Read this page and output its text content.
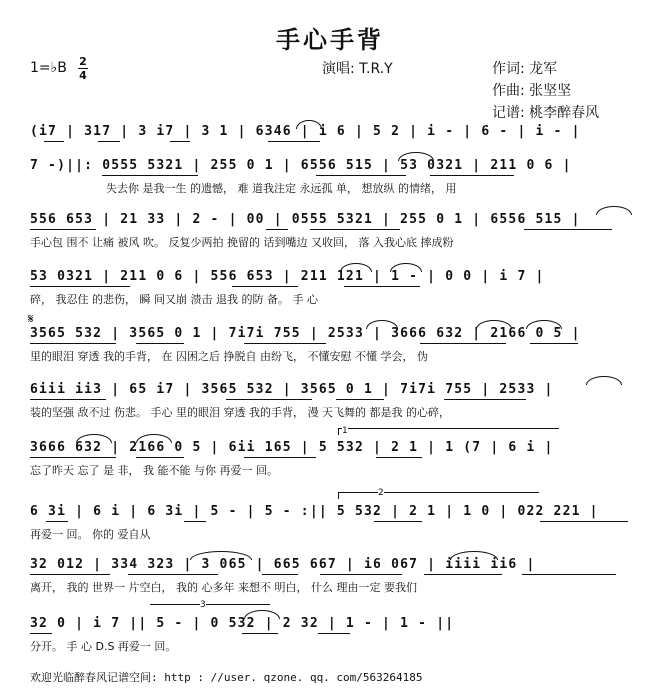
手心手背
1=♭B 2
4	演唱: T.R.Y	作词: 龙军
作曲: 张坚坚
记谱: 桃李醉春风
(i7 | 317 | 3 i7 | 3 1 | 6346 | i 6 | 5 2 | i - | 6 - | i - |
7 -)||: 0555 5321 | 255 0 1 | 6556 515 | 53 0321 | 211 0 6 |
失去你 是我一生 的遗憾， 难 道我注定 永远孤 单， 想放纵 的情绪， 用
556 653 | 21 33 | 2 - | 00 | 0555 5321 | 255 0 1 | 6556 515 |
手心包 围不 让痛 被风 吹。 反复少两拍 挽留的 话到嘴边 又收回， 落 入我心底 摔成粉
53 0321 | 211 0 6 | 556 653 | 211 121 | 1 - | 0 0 | i 7 |
碎， 我忍住 的悲伤， 瞬 间又崩 溃击 退我 的防 备。 手 心
𝄋
3565 532 | 3565 0 1 | 7i7i 755 | 2533 | 3666 632 | 2166 0 5 |
里的眼泪 穿透 我的手背， 在 囚困之后 挣脱自 由纷飞， 不懂安慰 不懂 学会， 伪
6iii ii3 | 65 i7 | 3565 532 | 3565 0 1 | 7i7i 755 | 2533 |
装的坚强 敌不过 伤悲。 手心 里的眼泪 穿透 我的手背， 漫 天飞舞的 都是我 的心碎，
1
3666 632 | 2166 0 5 | 6ii 165 | 5 532 | 2 1 | 1 (7 | 6 i |
忘了昨天 忘了 是 非， 我 能不能 与你 再爱一 回。
2
6 3i | 6 i | 6 3i | 5 - | 5 - :|| 5 532 | 2 1 | 1 0 | 022 221 |
再爱一 回。 你的 爱自从
32 012 | 334 323 | 3 065 | 665 667 | i6 067 | iiii ii6 |
离开， 我的 世界一 片空白， 我的 心多年 来想不 明白， 什么 理由一定 要我们
3
32 0 | i 7 || 5 - | 0 532 | 2 32 | 1 - | 1 - ||
分开。 手 心 D.S 再爱一 回。
欢迎光临醉春风记谱空间: http : //user. qzone. qq. com/563264185
